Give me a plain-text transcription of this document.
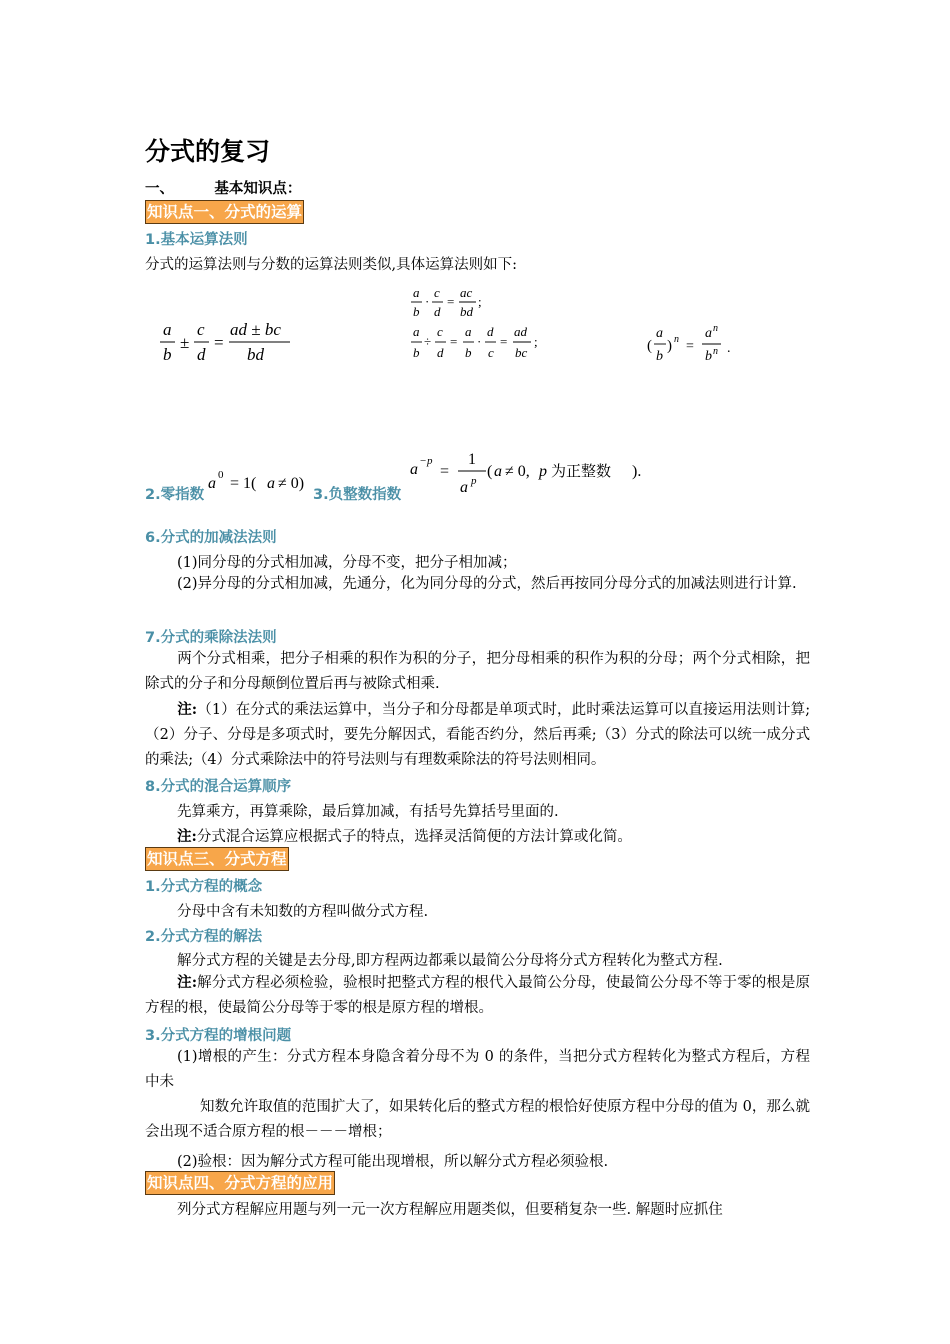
分式的复习
一、	基本知识点：
知识点一、分式的运算
1.基本运算法则
分式的运算法则与分数的运算法则类似,具体运算法则如下:
a
b
±
c
d
=
ad ± bc
bd
a
b
·
c
d
=
ac
bd
;
a
b
÷
c
d
=
a
b
·
d
c
=
ad
bc
;	(
a
b
) n =
a n
b n .
2.零指数
a 0 = 1( a ≠ 0)
3.负整数指数
a − p
=
1
a p
( a ≠ 0, p 为正整数 ).
6.分式的加减法法则
(1)同分母的分式相加减，分母不变，把分子相加减；
(2)异分母的分式相加减，先通分，化为同分母的分式，然后再按同分母分式的加减法则进行计算.
7.分式的乘除法法则
两个分式相乘，把分子相乘的积作为积的分子，把分母相乘的积作为积的分母；两个分式相除，把除式的分子和分母颠倒位置后再与被除式相乘.
注:（1）在分式的乘法运算中，当分子和分母都是单项式时，此时乘法运算可以直接运用法则计算;（2）分子、分母是多项式时，要先分解因式，看能否约分，然后再乘;（3）分式的除法可以统一成分式的乘法;（4）分式乘除法中的符号法则与有理数乘除法的符号法则相同。
8.分式的混合运算顺序
先算乘方，再算乘除，最后算加减，有括号先算括号里面的.
注:分式混合运算应根据式子的特点，选择灵活简便的方法计算或化简。
知识点三、分式方程
1.分式方程的概念
分母中含有未知数的方程叫做分式方程.
2.分式方程的解法
解分式方程的关键是去分母,即方程两边都乘以最简公分母将分式方程转化为整式方程.
注:解分式方程必须检验，验根时把整式方程的根代入最简公分母，使最简公分母不等于零的根是原方程的根，使最简公分母等于零的根是原方程的增根。
3.分式方程的增根问题
(1)增根的产生：分式方程本身隐含着分母不为 0 的条件，当把分式方程转化为整式方程后，方程中未
知数允许取值的范围扩大了，如果转化后的整式方程的根恰好使原方程中分母的值为 0，那么就会出现不适合原方程的根－－－增根；
(2)验根：因为解分式方程可能出现增根，所以解分式方程必须验根.
知识点四、分式方程的应用
列分式方程解应用题与列一元一次方程解应用题类似，但要稍复杂一些. 解题时应抓住
